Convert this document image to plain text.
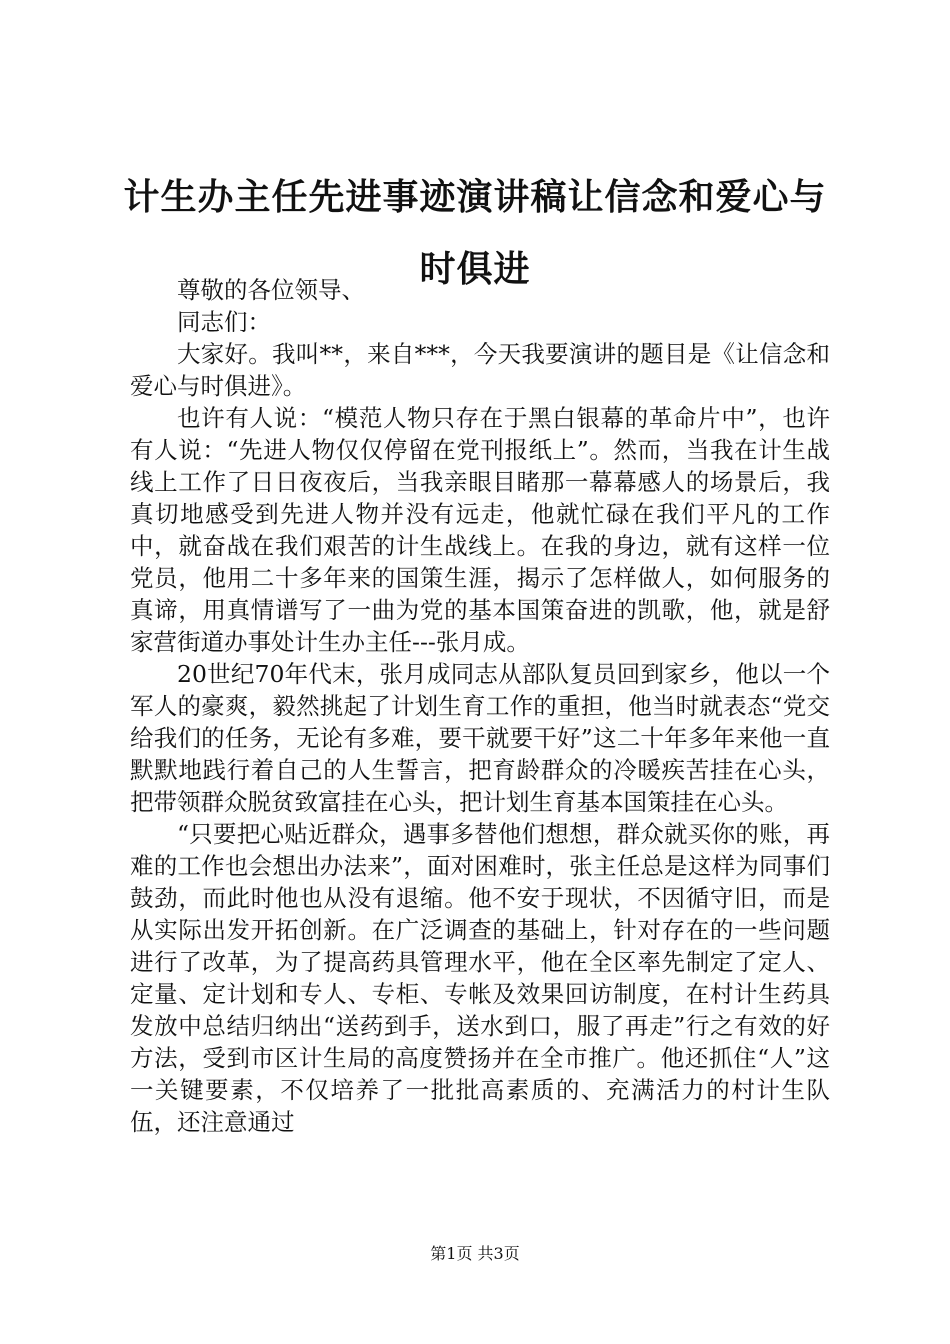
计生办主任先进事迹演讲稿让信念和爱心与时俱进

尊敬的各位领导、

同志们：

大家好。我叫**，来自***，今天我要演讲的题目是《让信念和爱心与时俱进》。

也许有人说：“模范人物只存在于黑白银幕的革命片中”，也许有人说：“先进人物仅仅停留在党刊报纸上”。然而，当我在计生战线上工作了日日夜夜后，当我亲眼目睹那一幕幕感人的场景后，我真切地感受到先进人物并没有远走，他就忙碌在我们平凡的工作中，就奋战在我们艰苦的计生战线上。在我的身边，就有这样一位党员，他用二十多年来的国策生涯，揭示了怎样做人，如何服务的真谛，用真情谱写了一曲为党的基本国策奋进的凯歌，他，就是舒家营街道办事处计生办主任---张月成。

20世纪70年代末，张月成同志从部队复员回到家乡，他以一个军人的豪爽，毅然挑起了计划生育工作的重担，他当时就表态“党交给我们的任务，无论有多难，要干就要干好”这二十年多年来他一直默默地践行着自己的人生誓言，把育龄群众的冷暖疾苦挂在心头，把带领群众脱贫致富挂在心头，把计划生育基本国策挂在心头。

“只要把心贴近群众，遇事多替他们想想，群众就买你的账，再难的工作也会想出办法来”，面对困难时，张主任总是这样为同事们鼓劲，而此时他也从没有退缩。他不安于现状，不因循守旧，而是从实际出发开拓创新。在广泛调查的基础上，针对存在的一些问题进行了改革，为了提高药具管理水平，他在全区率先制定了定人、定量、定计划和专人、专柜、专帐及效果回访制度，在村计生药具发放中总结归纳出“送药到手，送水到口，服了再走”行之有效的好方法，受到市区计生局的高度赞扬并在全市推广。他还抓住“人”这一关键要素，不仅培养了一批批高素质的、充满活力的村计生队伍，还注意通过

第1页 共3页
